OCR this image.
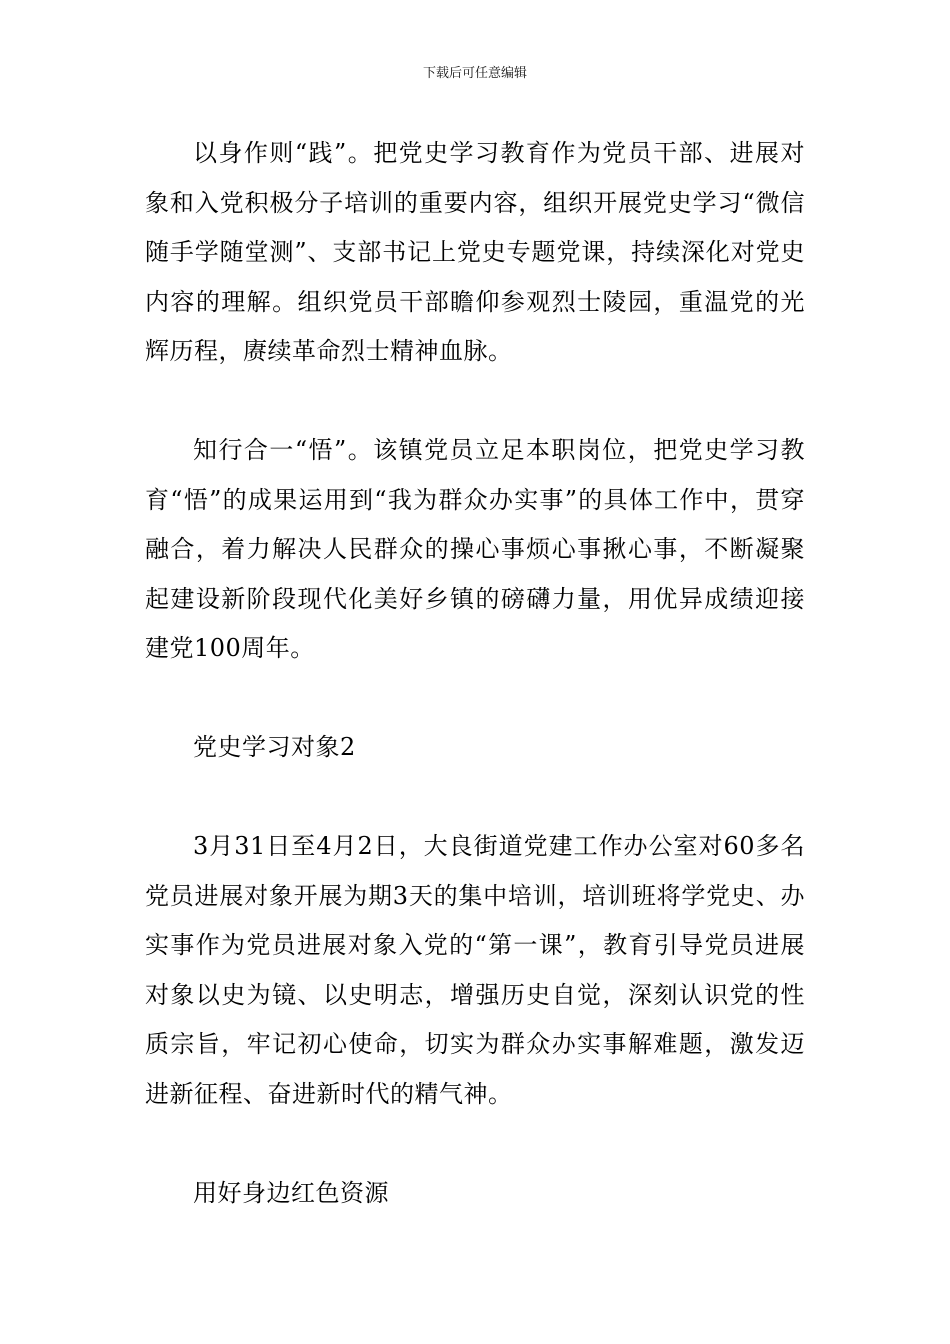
下载后可任意编辑

以身作则“践”。把党史学习教育作为党员干部、进展对象和入党积极分子培训的重要内容，组织开展党史学习“微信随手学随堂测”、支部书记上党史专题党课，持续深化对党史内容的理解。组织党员干部瞻仰参观烈士陵园，重温党的光辉历程，赓续革命烈士精神血脉。

知行合一“悟”。该镇党员立足本职岗位，把党史学习教育“悟”的成果运用到“我为群众办实事”的具体工作中，贯穿融合，着力解决人民群众的操心事烦心事揪心事，不断凝聚起建设新阶段现代化美好乡镇的磅礴力量，用优异成绩迎接建党100周年。

党史学习对象2

3月31日至4月2日，大良街道党建工作办公室对60多名党员进展对象开展为期3天的集中培训，培训班将学党史、办实事作为党员进展对象入党的“第一课”，教育引导党员进展对象以史为镜、以史明志，增强历史自觉，深刻认识党的性质宗旨，牢记初心使命，切实为群众办实事解难题，激发迈进新征程、奋进新时代的精气神。

用好身边红色资源
